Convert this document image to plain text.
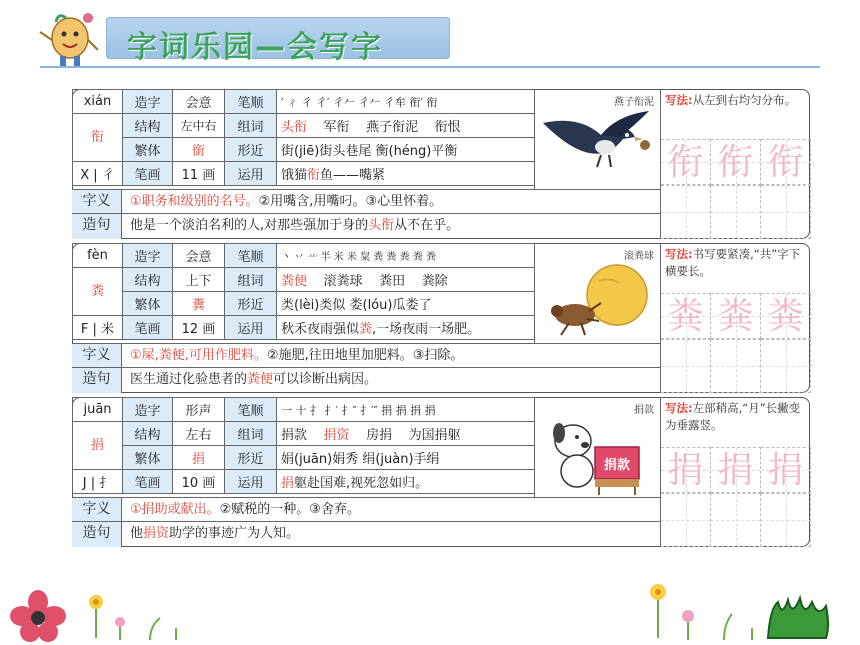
字词乐园—会写字
xián	造字	会意	笔顺	′ ㄔ 彳 彳′ 彳𠂉 彳𠂉 彳牟 衔′ 衔
衔	结构	左中右	组词	头衔 军衔 燕子衔泥 衔恨
	繁体	銜	形近	街(jiē)街头巷尾 衡(héng)平衡
X | 彳	笔画	11 画	运用	饿猫衔鱼——嘴紧
燕子衔泥 写法:从左到右均匀分布。
衔 衔 衔
字义	①职务和级别的名号。②用嘴含,用嘴叼。③心里怀着。
造句	他是一个淡泊名利的人,对那些强加于身的头衔从不在乎。
fèn	造字	会意	笔顺	丶 丷 䒑 半 米 米 䊆 粪 粪 粪 粪 粪
粪	结构	上下	组词	粪便 滚粪球 粪田 粪除
	繁体	糞	形近	类(lèi)类似 娄(lóu)瓜娄了
F | 米	笔画	12 画	运用	秋禾夜雨强似粪,一场夜雨一场肥。
滚粪球 写法:书写要紧凑,“共”字下横要长。
粪 粪 粪
字义	①屎,粪便,可用作肥料。②施肥,往田地里加肥料。③扫除。
造句	医生通过化验患者的粪便可以诊断出病因。
juān	造字	形声	笔顺	一 十 扌 扌′ 扌″ 扌′″ 捐 捐 捐 捐
捐	结构	左右	组词	捐款 捐资 房捐 为国捐躯
	繁体	捐	形近	娟(juān)娟秀 绢(juàn)手绢
J | 扌	笔画	10 画	运用	捐躯赴国难,视死忽如归。
捐款
捐款
写法:左部稍高,“月”长撇变为垂露竖。
捐 捐 捐
字义	①捐助或献出。②赋税的一种。③舍弃。
造句	他捐资助学的事迹广为人知。
